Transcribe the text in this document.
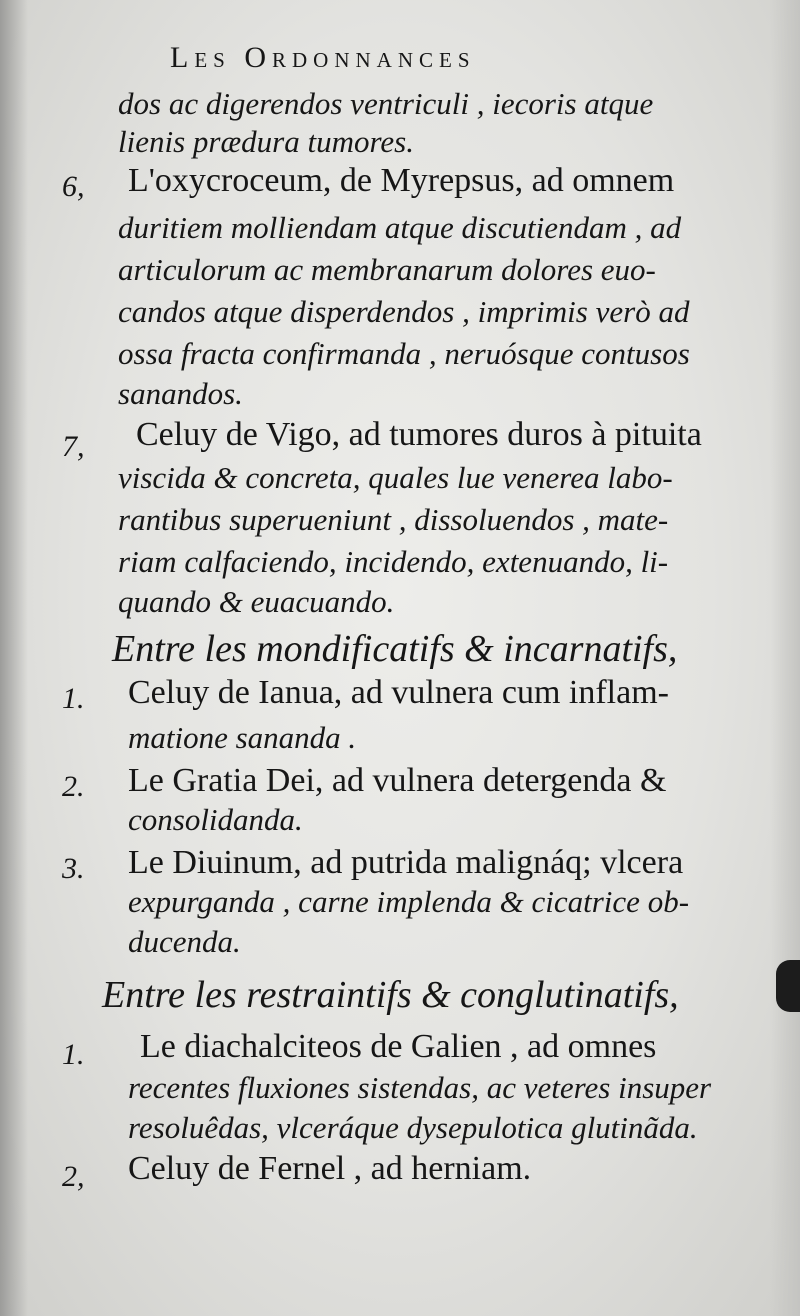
Les Ordonnances
dos ac digerendos ventriculi , iecoris atque
lienis prædura tumores.
6, L'oxycroceum, de Myrepsus, ad omnem
duritiem molliendam atque discutiendam , ad
articulorum ac membranarum dolores euo-
candos atque disperdendos , imprimis verò ad
ossa fracta confirmanda , neruósque contusos
sanandos.
7, Celuy de Vigo, ad tumores duros à pituita
viscida & concreta, quales lue venerea labo-
rantibus superueniunt , dissoluendos , mate-
riam calfaciendo, incidendo, extenuando, li-
quando & euacuando.
Entre les mondificatifs & incarnatifs,
1. Celuy de Ianua, ad vulnera cum inflam-
matione sananda .
2. Le Gratia Dei, ad vulnera detergenda &
consolidanda.
3. Le Diuinum, ad putrida malignáq; vlcera
expurganda , carne implenda & cicatrice ob-
ducenda.
Entre les restraintifs & conglutinatifs,
1. Le diachalciteos de Galien , ad omnes
recentes fluxiones sistendas, ac veteres insuper
resoluêdas, vlceráque dysepulotica glutinãda.
2, Celuy de Fernel , ad herniam.
